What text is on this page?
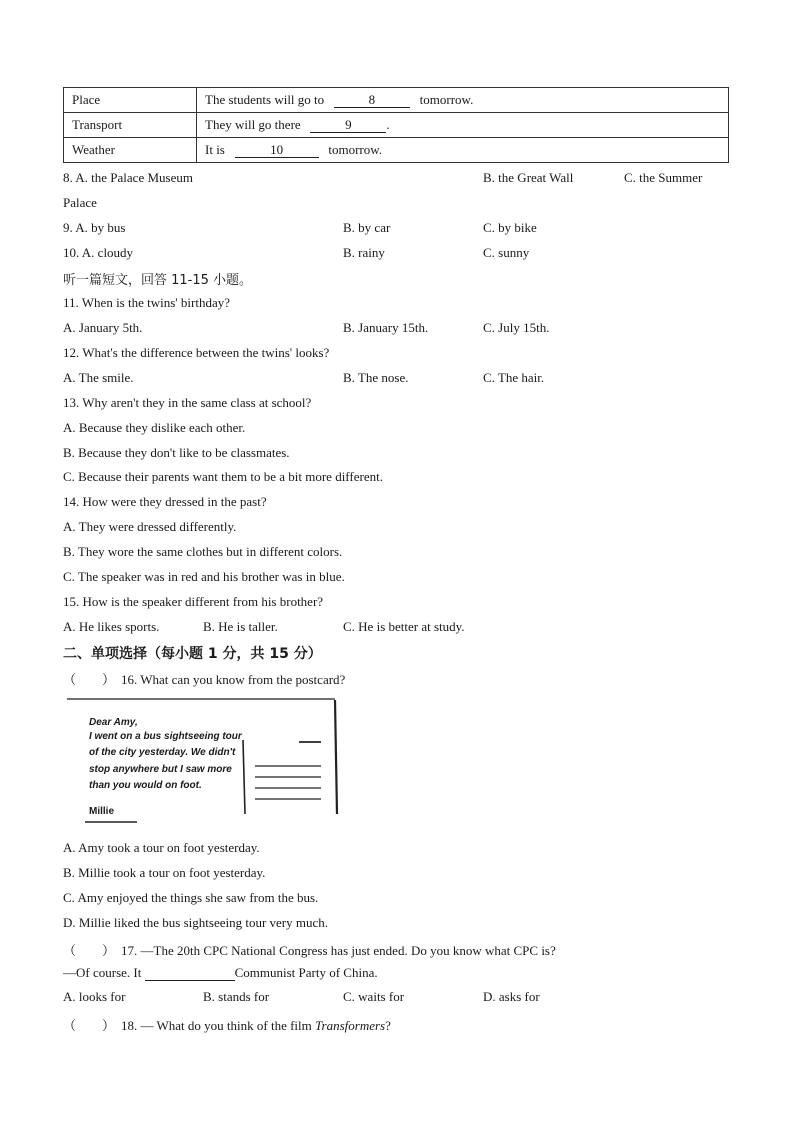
Place	The students will go to 8 tomorrow.
Transport	They will go there 9 .
Weather	It is 10 tomorrow.
8. A. the Palace Museum	B. the Great Wall	C. the Summer
Palace
9. A. by bus	B. by car	C. by bike
10. A. cloudy	B. rainy	C. sunny
听一篇短文，回答 11-15 小题。
11. When is the twins' birthday?
A. January 5th.	B. January 15th.	C. July 15th.
12. What's the difference between the twins' looks?
A. The smile.	B. The nose.	C. The hair.
13. Why aren't they in the same class at school?
A. Because they dislike each other.
B. Because they don't like to be classmates.
C. Because their parents want them to be a bit more different.
14. How were they dressed in the past?
A. They were dressed differently.
B. They wore the same clothes but in different colors.
C. The speaker was in red and his brother was in blue.
15. How is the speaker different from his brother?
A. He likes sports.	B. He is taller.	C. He is better at study.
二、单项选择（每小题 1 分，共 15 分）
（　　） 16. What can you know from the postcard?
Dear Amy,
I went on a bus sightseeing tour
of the city yesterday. We didn't
stop anywhere but I saw more
than you would on foot.
Millie
A. Amy took a tour on foot yesterday.
B. Millie took a tour on foot yesterday.
C. Amy enjoyed the things she saw from the bus.
D. Millie liked the bus sightseeing tour very much.
（　　） 17. —The 20th CPC National Congress has just ended. Do you know what CPC is?
—Of course. It	Communist Party of China.
A. looks for	B. stands for	C. waits for	D. asks for
（　　） 18. — What do you think of the film Transformers?
